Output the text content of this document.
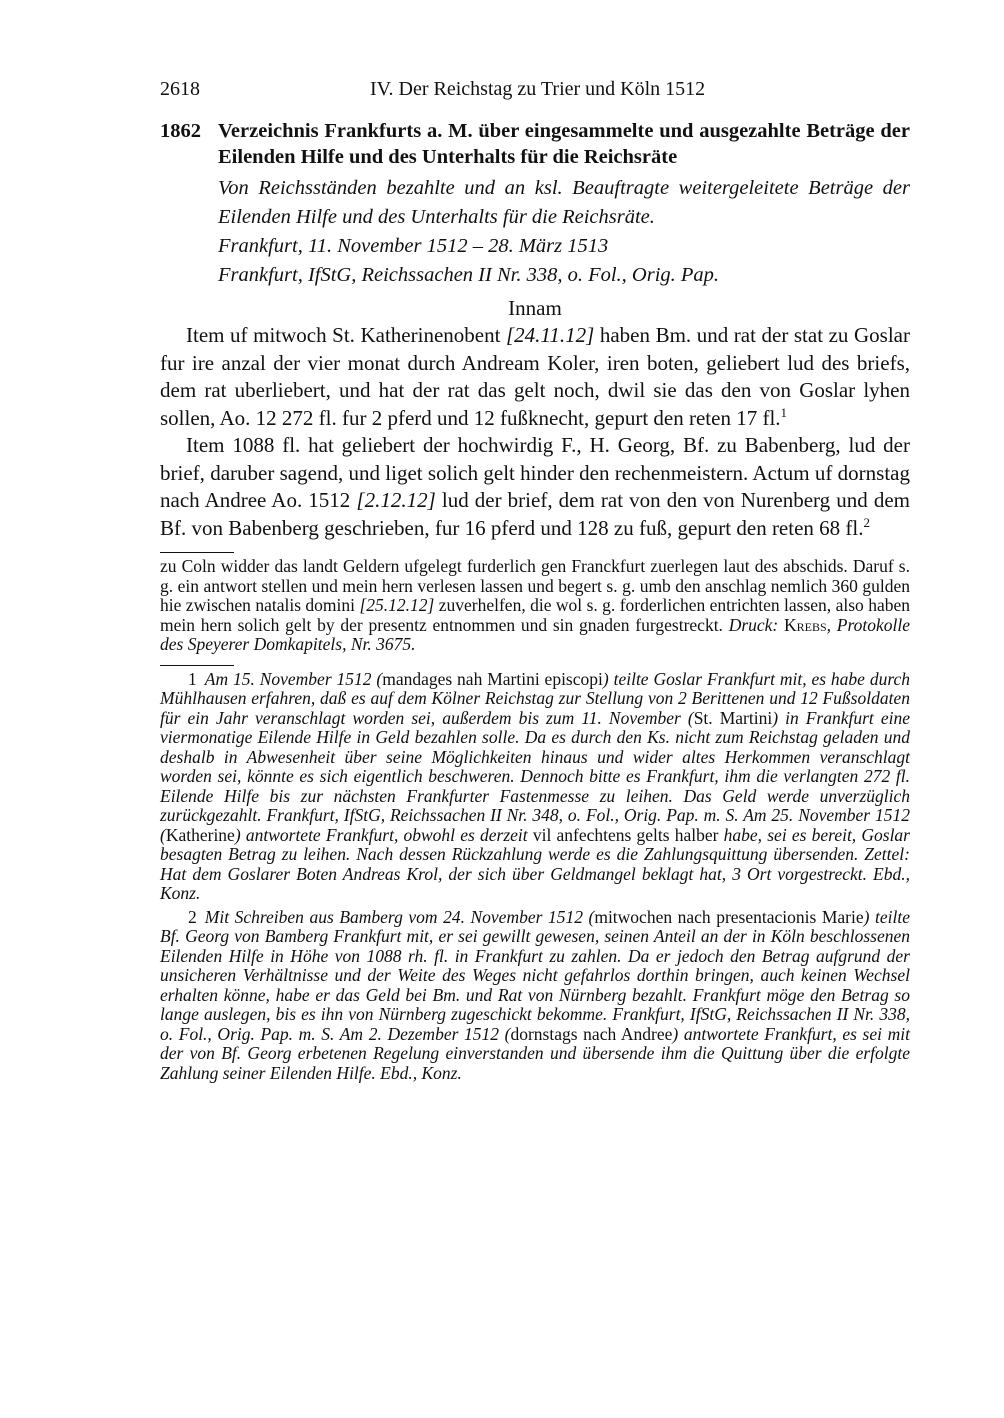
2618	IV. Der Reichstag zu Trier und Köln 1512
1862 Verzeichnis Frankfurts a. M. über eingesammelte und ausgezahlte Beträge der Eilenden Hilfe und des Unterhalts für die Reichsräte
Von Reichsständen bezahlte und an ksl. Beauftragte weitergeleitete Beträge der Eilenden Hilfe und des Unterhalts für die Reichsräte.
Frankfurt, 11. November 1512 – 28. März 1513
Frankfurt, IfStG, Reichssachen II Nr. 338, o. Fol., Orig. Pap.
Innam

Item uf mitwoch St. Katherinenobent [24.11.12] haben Bm. und rat der stat zu Goslar fur ire anzal der vier monat durch Andream Koler, iren boten, geliebert lud des briefs, dem rat uberliebert, und hat der rat das gelt noch, dwil sie das den von Goslar lyhen sollen, Ao. 12 272 fl. fur 2 pferd und 12 fußknecht, gepurt den reten 17 fl.$^1$

Item 1088 fl. hat geliebert der hochwirdig F., H. Georg, Bf. zu Babenberg, lud der brief, daruber sagend, und liget solich gelt hinder den rechenmeistern. Actum uf dornstag nach Andree Ao. 1512 [2.12.12] lud der brief, dem rat von den von Nurenberg und dem Bf. von Babenberg geschrieben, fur 16 pferd und 128 zu fuß, gepurt den reten 68 fl.$^2$

zu Coln widder das landt Geldern ufgelegt furderlich gen Franckfurt zuerlegen laut des abschids. Daruf s. g. ein antwort stellen und mein hern verlesen lassen und begert s. g. umb den anschlag nemlich 360 gulden hie zwischen natalis domini [25.12.12] zuverhelfen, die wol s. g. forderlichen entrichten lassen, also haben mein hern solich gelt by der presentz entnommen und sin gnaden furgestreckt. Druck: Krebs, Protokolle des Speyerer Domkapitels, Nr. 3675.

1 Am 15. November 1512 (mandages nah Martini episcopi) teilte Goslar Frankfurt mit, es habe durch Mühlhausen erfahren, daß es auf dem Kölner Reichstag zur Stellung von 2 Berittenen und 12 Fußsoldaten für ein Jahr veranschlagt worden sei, außerdem bis zum 11. November (St. Martini) in Frankfurt eine viermonatige Eilende Hilfe in Geld bezahlen solle. Da es durch den Ks. nicht zum Reichstag geladen und deshalb in Abwesenheit über seine Möglichkeiten hinaus und wider altes Herkommen veranschlagt worden sei, könnte es sich eigentlich beschweren. Dennoch bitte es Frankfurt, ihm die verlangten 272 fl. Eilende Hilfe bis zur nächsten Frankfurter Fastenmesse zu leihen. Das Geld werde unverzüglich zurückgezahlt. Frankfurt, IfStG, Reichssachen II Nr. 348, o. Fol., Orig. Pap. m. S. Am 25. November 1512 (Katherine) antwortete Frankfurt, obwohl es derzeit vil anfechtens gelts halber habe, sei es bereit, Goslar besagten Betrag zu leihen. Nach dessen Rückzahlung werde es die Zahlungsquittung übersenden. Zettel: Hat dem Goslarer Boten Andreas Krol, der sich über Geldmangel beklagt hat, 3 Ort vorgestreckt. Ebd., Konz.

2 Mit Schreiben aus Bamberg vom 24. November 1512 (mitwochen nach presentacionis Marie) teilte Bf. Georg von Bamberg Frankfurt mit, er sei gewillt gewesen, seinen Anteil an der in Köln beschlossenen Eilenden Hilfe in Höhe von 1088 rh. fl. in Frankfurt zu zahlen. Da er jedoch den Betrag aufgrund der unsicheren Verhältnisse und der Weite des Weges nicht gefahrlos dorthin bringen, auch keinen Wechsel erhalten könne, habe er das Geld bei Bm. und Rat von Nürnberg bezahlt. Frankfurt möge den Betrag so lange auslegen, bis es ihn von Nürnberg zugeschickt bekomme. Frankfurt, IfStG, Reichssachen II Nr. 338, o. Fol., Orig. Pap. m. S. Am 2. Dezember 1512 (dornstags nach Andree) antwortete Frankfurt, es sei mit der von Bf. Georg erbetenen Regelung einverstanden und übersende ihm die Quittung über die erfolgte Zahlung seiner Eilenden Hilfe. Ebd., Konz.
